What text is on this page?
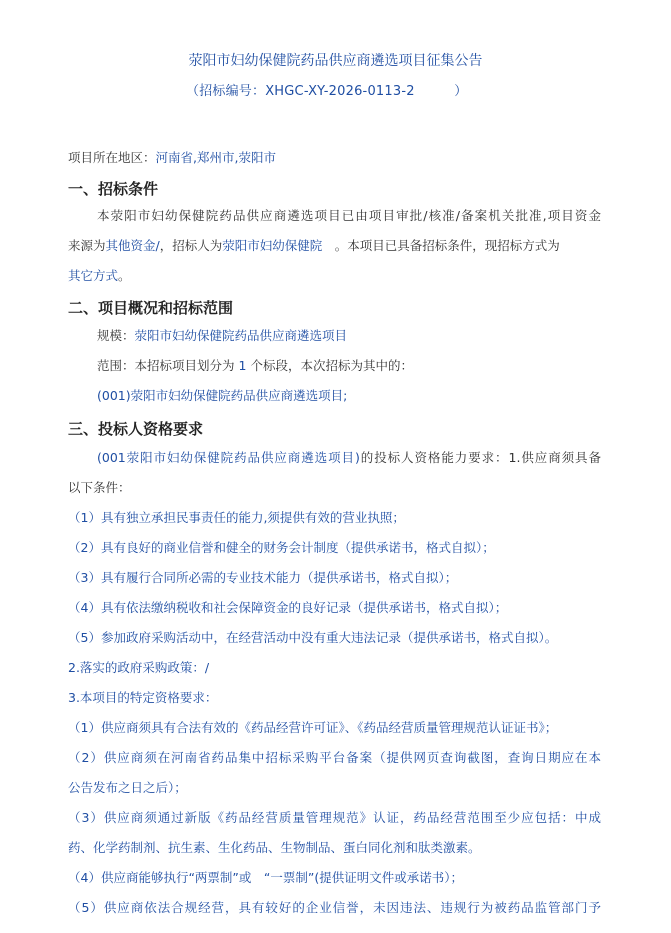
荥阳市妇幼保健院药品供应商遴选项目征集公告
（招标编号：XHGC-XY-2026-0113-2　　　）
项目所在地区：河南省,郑州市,荥阳市
一、招标条件
本荥阳市妇幼保健院药品供应商遴选项目已由项目审批/核准/备案机关批准,项目资金
来源为其他资金/，招标人为荥阳市妇幼保健院　。本项目已具备招标条件，现招标方式为
其它方式。
二、项目概况和招标范围
规模：荥阳市妇幼保健院药品供应商遴选项目
范围：本招标项目划分为 1 个标段，本次招标为其中的：
(001)荥阳市妇幼保健院药品供应商遴选项目;
三、投标人资格要求
(001荥阳市妇幼保健院药品供应商遴选项目)的投标人资格能力要求：1.供应商须具备
以下条件：
（1）具有独立承担民事责任的能力,须提供有效的营业执照；
（2）具有良好的商业信誉和健全的财务会计制度（提供承诺书，格式自拟）；
（3）具有履行合同所必需的专业技术能力（提供承诺书，格式自拟）；
（4）具有依法缴纳税收和社会保障资金的良好记录（提供承诺书，格式自拟）；
（5）参加政府采购活动中，在经营活动中没有重大违法记录（提供承诺书，格式自拟）。
2.落实的政府采购政策：/
3.本项目的特定资格要求：
（1）供应商须具有合法有效的《药品经营许可证》、《药品经营质量管理规范认证证书》；
（2）供应商须在河南省药品集中招标采购平台备案（提供网页查询截图，查询日期应在本
公告发布之日之后）；
（3）供应商须通过新版《药品经营质量管理规范》认证，药品经营范围至少应包括：中成
药、化学药制剂、抗生素、生化药品、生物制品、蛋白同化剂和肽类激素。
（4）供应商能够执行“两票制”或　“一票制”(提供证明文件或承诺书）；
（5）供应商依法合规经营，具有较好的企业信誉，未因违法、违规行为被药品监管部门予
